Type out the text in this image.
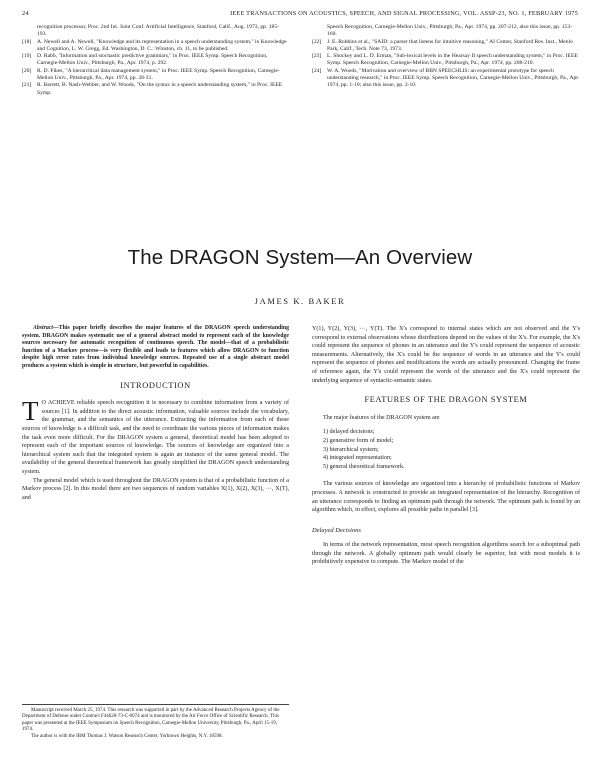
24	IEEE TRANSACTIONS ON ACOUSTICS, SPEECH, AND SIGNAL PROCESSING, VOL. ASSP-23, NO. 1, FEBRUARY 1975
recognition processor, Proc. 2nd Int. Joint Conf. Artificial Intelligence, Stanford, Calif., Aug. 1973, pp. 185-193.
[18] A. Newell and A. Newell, "Knowledge and its representation in a speech understanding system," in Knowledge and Cognition, L. W. Gregg, Ed. Washington, D. C.: Winston, ch. 11, to be published.
[19] D. Rabb, "Information and stochastic predictive grammars," in Proc. IEEE Symp. Speech Recognition, Carnegie-Mellon Univ., Pittsburgh, Pa., Apr. 1974, p. 292.
[20] R. D. Fikes, "A hierarchical data management system," in Proc. IEEE Symp. Speech Recognition, Carnegie-Mellon Univ., Pittsburgh, Pa., Apr. 1974, pp. 28-31.
[21] R. Barrett, B. Nash-Webber, and W. Woods, "On the syntax in a speech understanding system," in Proc. IEEE Symp.
Speech Recognition, Carnegie-Mellon Univ., Pittsburgh, Pa., Apr. 1974, pp. 207-212, also this issue, pp. 153-160.
[22] J. E. Robbins et al., "SAID: a parser that listens for intuitive reasoning," AI Center, Stanford Res. Inst., Menlo Park, Calif., Tech. Note 73, 1973.
[23] L. Shockey and L. D. Erman, "Sub-lexical levels in the Hearsay II speech understanding system," in Proc. IEEE Symp. Speech Recognition, Carnegie-Mellon Univ., Pittsburgh, Pa., Apr. 1974, pp. 208-210.
[24] W. A. Woods, "Motivation and overview of BBN SPEECHLIS: an experimental prototype for speech understanding research," in Proc. IEEE Symp. Speech Recognition, Carnegie-Mellon Univ., Pittsburgh, Pa., Apr. 1974, pp. 1-10; also this issue, pp. 2-10.
The DRAGON System—An Overview
JAMES K. BAKER

Abstract—This paper briefly describes the major features of the DRAGON speech understanding system. DRAGON makes systematic use of a general abstract model to represent each of the knowledge sources necessary for automatic recognition of continuous speech. The model—that of a probabilistic function of a Markov process—is very flexible and leads to features which allow DRAGON to function despite high error rates from individual knowledge sources. Repeated use of a single abstract model produces a system which is simple in structure, but powerful in capabilities.

INTRODUCTION

T O ACHIEVE reliable speech recognition it is necessary to combine information from a variety of sources [1]. In addition to the direct acoustic information, valuable sources include the vocabulary, the grammar, and the semantics of the utterance. Extracting the information from each of these sources of knowledge is a difficult task, and the need to coordinate the various pieces of information makes the task even more difficult. For the DRAGON system a general, theoretical model has been adopted to represent each of the important sources of knowledge. The sources of knowledge are organized into a hierarchical system such that the integrated system is again an instance of the same general model. The availability of the general theoretical framework has greatly simplified the DRAGON speech understanding system.

The general model which is used throughout the DRAGON system is that of a probabilistic function of a Markov process [2]. In this model there are two sequences of random variables X(1), X(2), X(3), ···, X(T), and

Y(1), Y(2), Y(3), ···, Y(T). The X's correspond to internal states which are not observed and the Y's correspond to external observations whose distributions depend on the values of the X's. For example, the X's could represent the sequence of phones in an utterance and the Y's could represent the sequence of acoustic measurements. Alternatively, the X's could be the sequence of words in an utterance and the Y's could represent the sequence of phones and modifications the words are actually pronounced. Changing the frame of reference again, the Y's could represent the words of the utterance and the X's could represent the underlying sequence of syntactic-semantic states.

FEATURES OF THE DRAGON SYSTEM

The major features of the DRAGON system are

1) delayed decisions;
2) generative form of model;
3) hierarchical system;
4) integrated representation;
5) general theoretical framework.

The various sources of knowledge are organized into a hierarchy of probabilistic functions of Markov processes. A network is constructed to provide an integrated representation of the hierarchy. Recognition of an utterance corresponds to finding an optimum path through the network. The optimum path is found by an algorithm which, in effect, explores all possible paths in parallel [3].

Delayed Decisions

In terms of the network representation, most speech recognition algorithms search for a suboptimal path through the network. A globally optimum path would clearly be superior, but with most models it is prohibitively expensive to compute. The Markov model of the

Manuscript received March 25, 1974. This research was supported in part by the Advanced Research Projects Agency of the Department of Defense under Contract F44620-73-C-0074 and is monitored by the Air Force Office of Scientific Research. This paper was presented at the IEEE Symposium on Speech Recognition, Carnegie-Mellon University, Pittsburgh, Pa., April 15-19, 1974.

The author is with the IBM Thomas J. Watson Research Center, Yorktown Heights, N.Y. 10598.
